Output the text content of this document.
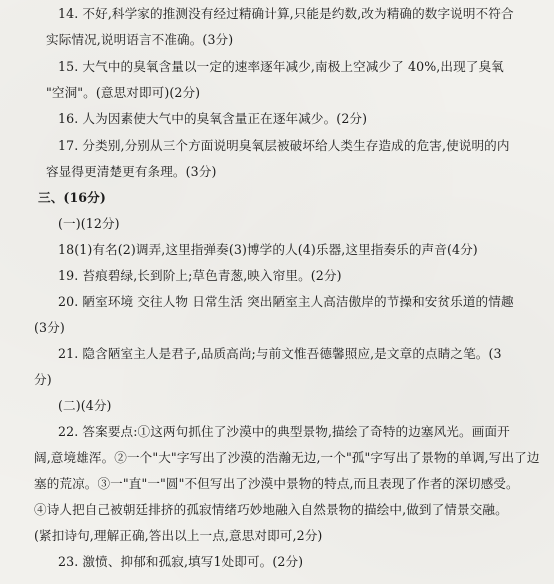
14. 不好,科学家的推测没有经过精确计算,只能是约数,改为精确的数字说明不符合
实际情况,说明语言不准确。(3分)
15. 大气中的臭氧含量以一定的速率逐年减少,南极上空减少了 40%,出现了臭氧
"空洞"。(意思对即可)(2分)
16. 人为因素使大气中的臭氧含量正在逐年减少。(2分)
17. 分类别,分别从三个方面说明臭氧层被破坏给人类生存造成的危害,使说明的内
容显得更清楚更有条理。(3分)
三、(16分)
(一)(12分)
18(1)有名(2)调弄,这里指弹奏(3)博学的人(4)乐器,这里指奏乐的声音(4分)
19. 苔痕碧绿,长到阶上;草色青葱,映入帘里。(2分)
20. 陋室环境 交往人物 日常生活 突出陋室主人高洁傲岸的节操和安贫乐道的情趣
(3分)
21. 隐含陋室主人是君子,品质高尚;与前文惟吾德馨照应,是文章的点睛之笔。(3
分)
(二)(4分)
22. 答案要点:①这两句抓住了沙漠中的典型景物,描绘了奇特的边塞风光。画面开
阔,意境雄浑。②一个"大"字写出了沙漠的浩瀚无边,一个"孤"字写出了景物的单调,写出了边
塞的荒凉。③一"直"一"圆"不但写出了沙漠中景物的特点,而且表现了作者的深切感受。
④诗人把自己被朝廷排挤的孤寂情绪巧妙地融入自然景物的描绘中,做到了情景交融。
(紧扣诗句,理解正确,答出以上一点,意思对即可,2分)
23. 激愤、抑郁和孤寂,填写1处即可。(2分)
